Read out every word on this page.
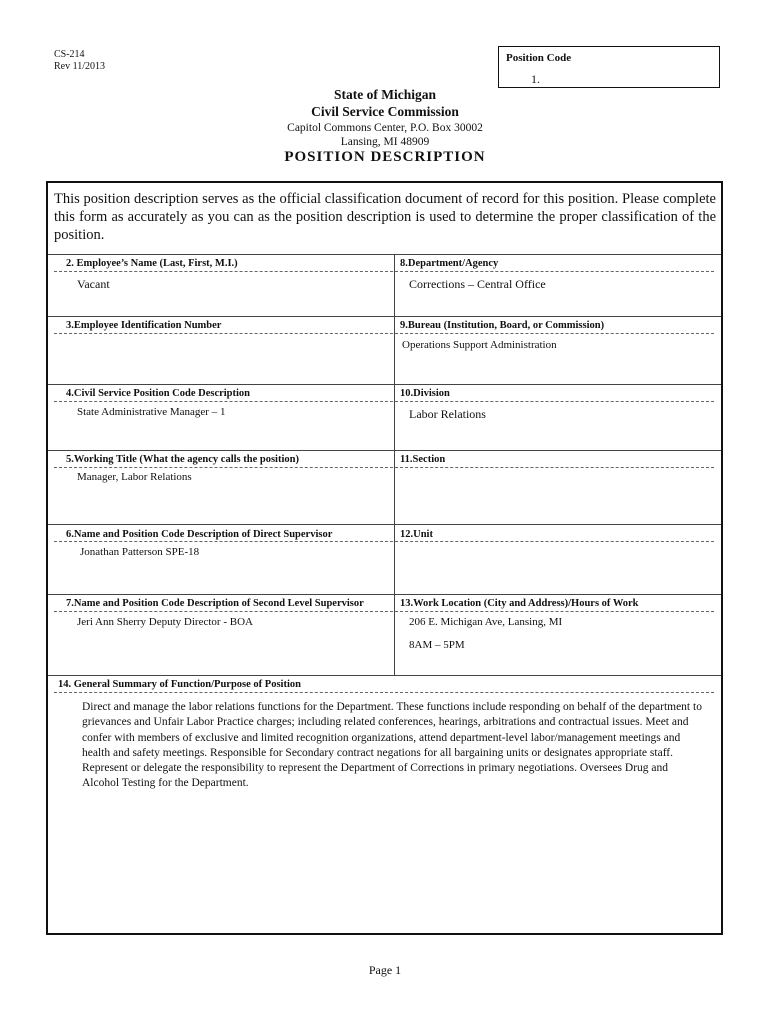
CS-214
Rev 11/2013
Position Code
1.
State of Michigan
Civil Service Commission
Capitol Commons Center, P.O. Box 30002
Lansing, MI 48909
POSITION DESCRIPTION
This position description serves as the official classification document of record for this position. Please complete this form as accurately as you can as the position description is used to determine the proper classification of the position.
2. Employee’s Name (Last, First, M.I.)
Vacant
8.Department/Agency
Corrections – Central Office
3.Employee Identification Number	9.Bureau (Institution, Board, or Commission)
Operations Support Administration
4.Civil Service Position Code Description
State Administrative Manager – 1
10.Division
Labor Relations
5.Working Title (What the agency calls the position)
Manager, Labor Relations
11.Section
6.Name and Position Code Description of Direct Supervisor
Jonathan Patterson SPE-18
12.Unit
7.Name and Position Code Description of Second Level Supervisor
Jeri Ann Sherry Deputy Director - BOA
13.Work Location (City and Address)/Hours of Work
206 E. Michigan Ave, Lansing, MI
8AM – 5PM
14. General Summary of Function/Purpose of Position
Direct and manage the labor relations functions for the Department. These functions include responding on behalf of the department to grievances and Unfair Labor Practice charges; including related conferences, hearings, arbitrations and contractual issues. Meet and confer with members of exclusive and limited recognition organizations, attend department-level labor/management meetings and health and safety meetings. Responsible for Secondary contract negations for all bargaining units or designates appropriate staff. Represent or delegate the responsibility to represent the Department of Corrections in primary negotiations. Oversees Drug and Alcohol Testing for the Department.
Page 1
